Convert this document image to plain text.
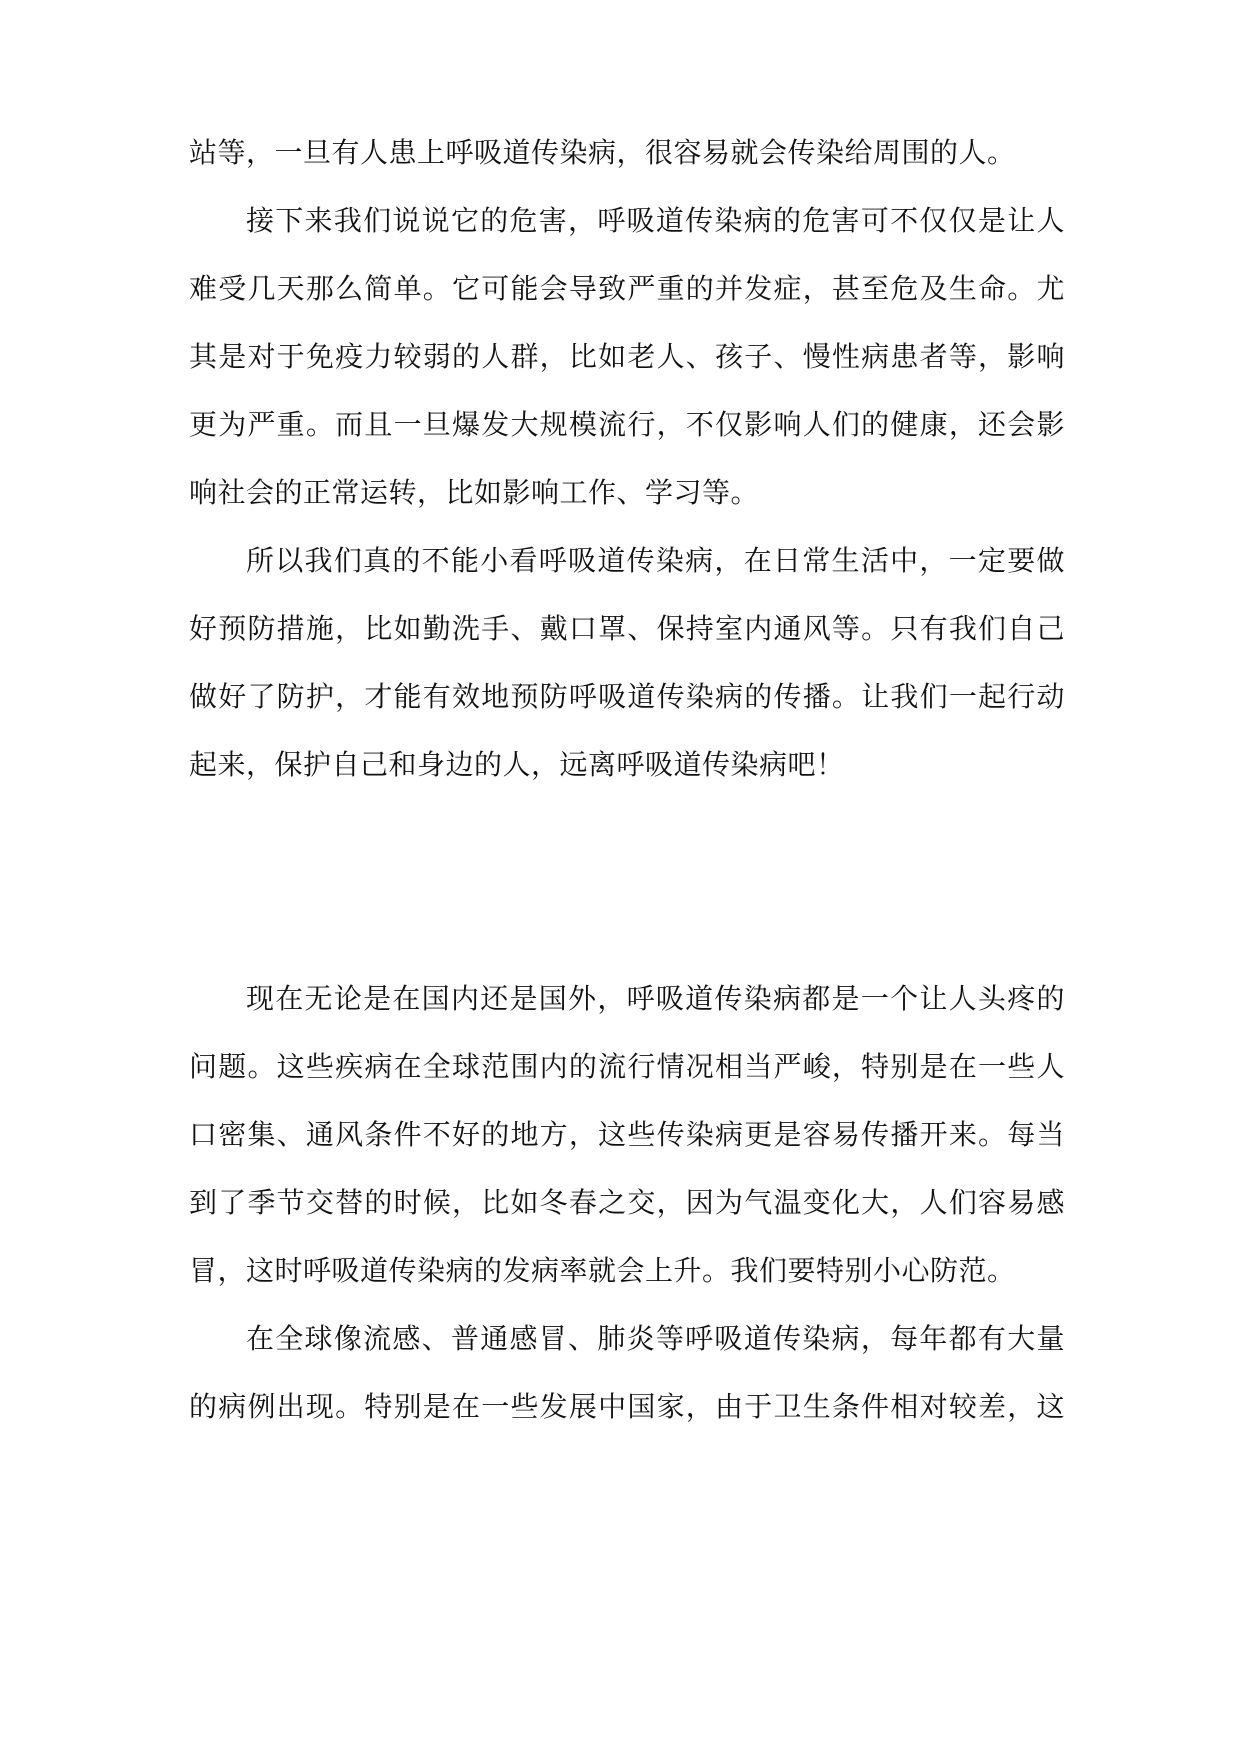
站等，一旦有人患上呼吸道传染病，很容易就会传染给周围的人。
接下来我们说说它的危害，呼吸道传染病的危害可不仅仅是让人
难受几天那么简单。它可能会导致严重的并发症，甚至危及生命。尤
其是对于免疫力较弱的人群，比如老人、孩子、慢性病患者等，影响
更为严重。而且一旦爆发大规模流行，不仅影响人们的健康，还会影
响社会的正常运转，比如影响工作、学习等。
所以我们真的不能小看呼吸道传染病，在日常生活中，一定要做
好预防措施，比如勤洗手、戴口罩、保持室内通风等。只有我们自己
做好了防护，才能有效地预防呼吸道传染病的传播。让我们一起行动
起来，保护自己和身边的人，远离呼吸道传染病吧！
现在无论是在国内还是国外，呼吸道传染病都是一个让人头疼的
问题。这些疾病在全球范围内的流行情况相当严峻，特别是在一些人
口密集、通风条件不好的地方，这些传染病更是容易传播开来。每当
到了季节交替的时候，比如冬春之交，因为气温变化大，人们容易感
冒，这时呼吸道传染病的发病率就会上升。我们要特别小心防范。
在全球像流感、普通感冒、肺炎等呼吸道传染病，每年都有大量
的病例出现。特别是在一些发展中国家，由于卫生条件相对较差，这
